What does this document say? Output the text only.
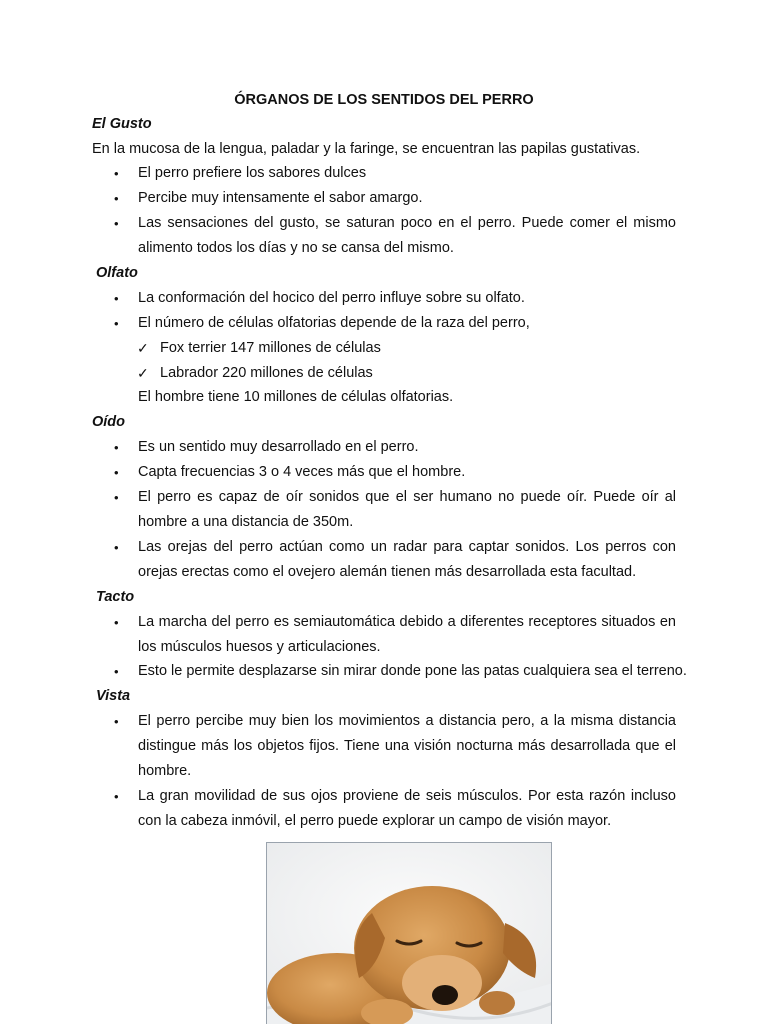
ÓRGANOS DE LOS SENTIDOS DEL PERRO
El Gusto
En la mucosa de la lengua, paladar y la faringe, se encuentran las papilas gustativas.
•	El perro prefiere los sabores dulces
•	Percibe muy intensamente el sabor amargo.
•	Las sensaciones del gusto, se saturan poco en el perro. Puede comer el mismo alimento todos los días y no se cansa del mismo.
Olfato
•	La conformación del hocico del perro influye sobre su olfato.
•	El número de células olfatorias depende de la raza del perro,
✓ Fox terrier 147 millones de células
✓ Labrador 220 millones de células
El hombre tiene 10 millones de células olfatorias.
Oído
•	Es un sentido muy desarrollado en el perro.
•	Capta frecuencias 3 o 4 veces más que el hombre.
•	El perro es capaz de oír sonidos que el ser humano no puede oír. Puede oír al hombre a una distancia de 350m.
•	Las orejas del perro actúan como un radar para captar sonidos. Los perros con orejas erectas como el ovejero alemán tienen más desarrollada esta facultad.
Tacto
•	La marcha del perro es semiautomática debido a diferentes receptores situados en los músculos huesos y articulaciones.
•	Esto le permite desplazarse sin mirar donde pone las patas cualquiera sea el terreno.
Vista
•	El perro percibe muy bien los movimientos a distancia pero, a la misma distancia distingue más los objetos fijos. Tiene una visión nocturna más desarrollada que el hombre.
•	La gran movilidad de sus ojos proviene de seis músculos. Por esta razón incluso con la cabeza inmóvil, el perro puede explorar un campo de visión mayor.
